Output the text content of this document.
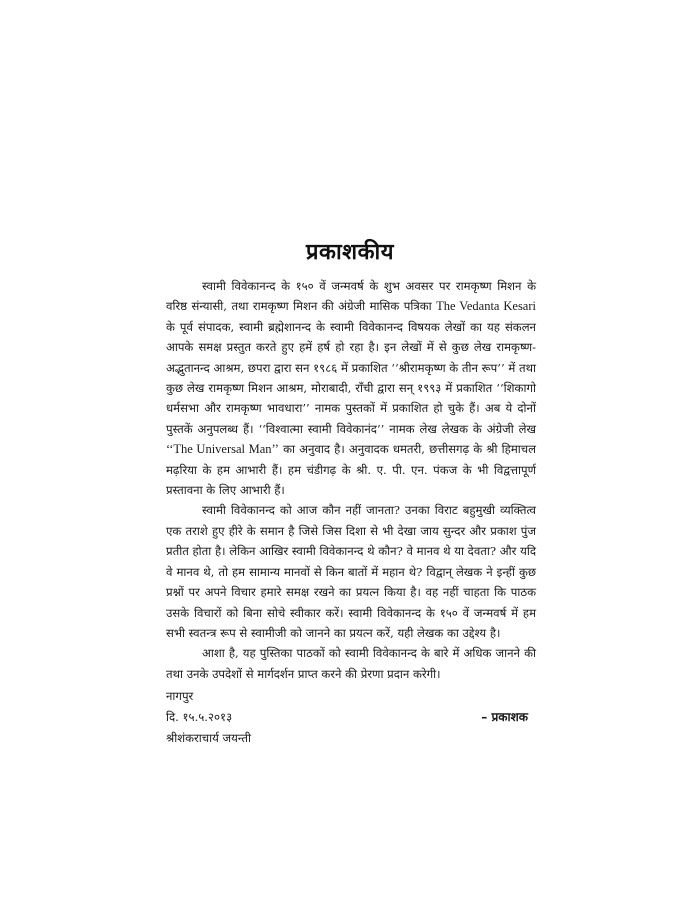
प्रकाशकीय

स्वामी विवेकानन्द के १५० वें जन्मवर्ष के शुभ अवसर पर रामकृष्ण मिशन के वरिष्ठ संन्यासी, तथा रामकृष्ण मिशन की अंग्रेजी मासिक पत्रिका The Vedanta Kesari के पूर्व संपादक, स्वामी ब्रह्मेशानन्द के स्वामी विवेकानन्द विषयक लेखों का यह संकलन आपके समक्ष प्रस्तुत करते हुए हमें हर्ष हो रहा है। इन लेखों में से कुछ लेख रामकृष्ण-अद्भुतानन्द आश्रम, छपरा द्वारा सन १९८६ में प्रकाशित ‘‘श्रीरामकृष्ण के तीन रूप’’ में तथा कुछ लेख रामकृष्ण मिशन आश्रम, मोराबादी, राँची द्वारा सन् १९९३ में प्रकाशित ‘‘शिकागो धर्मसभा और रामकृष्ण भावधारा’’ नामक पुस्तकों में प्रकाशित हो चुके हैं। अब ये दोनों पुस्तकें अनुपलब्ध हैं। ‘‘विश्वात्मा स्वामी विवेकानंद’’ नामक लेख लेखक के अंग्रेजी लेख ‘‘The Universal Man’’ का अनुवाद है। अनुवादक धमतरी, छत्तीसगढ़ के श्री हिमाचल मढ़रिया के हम आभारी हैं। हम चंडीगढ़ के श्री. ए. पी. एन. पंकज के भी विद्वत्तापूर्ण प्रस्तावना के लिए आभारी हैं।

स्वामी विवेकानन्द को आज कौन नहीं जानता? उनका विराट बहुमुखी व्यक्तित्व एक तराशे हुए हीरे के समान है जिसे जिस दिशा से भी देखा जाय सुन्दर और प्रकाश पुंज प्रतीत होता है। लेकिन आखिर स्वामी विवेकानन्द थे कौन? वे मानव थे या देवता? और यदि वे मानव थे, तो हम सामान्य मानवों से किन बातों में महान थे? विद्वान् लेखक ने इन्हीं कुछ प्रश्नों पर अपने विचार हमारे समक्ष रखने का प्रयत्न किया है। वह नहीं चाहता कि पाठक उसके विचारों को बिना सोचे स्वीकार करें। स्वामी विवेकानन्द के १५० वें जन्मवर्ष में हम सभी स्वतन्त्र रूप से स्वामीजी को जानने का प्रयत्न करें, यही लेखक का उद्देश्य है।

आशा है, यह पुस्तिका पाठकों को स्वामी विवेकानन्द के बारे में अधिक जानने की तथा उनके उपदेशों से मार्गदर्शन प्राप्त करने की प्रेरणा प्रदान करेगी।

नागपुर
दि. १५.५.२०१३	– प्रकाशक
श्रीशंकराचार्य जयन्ती
